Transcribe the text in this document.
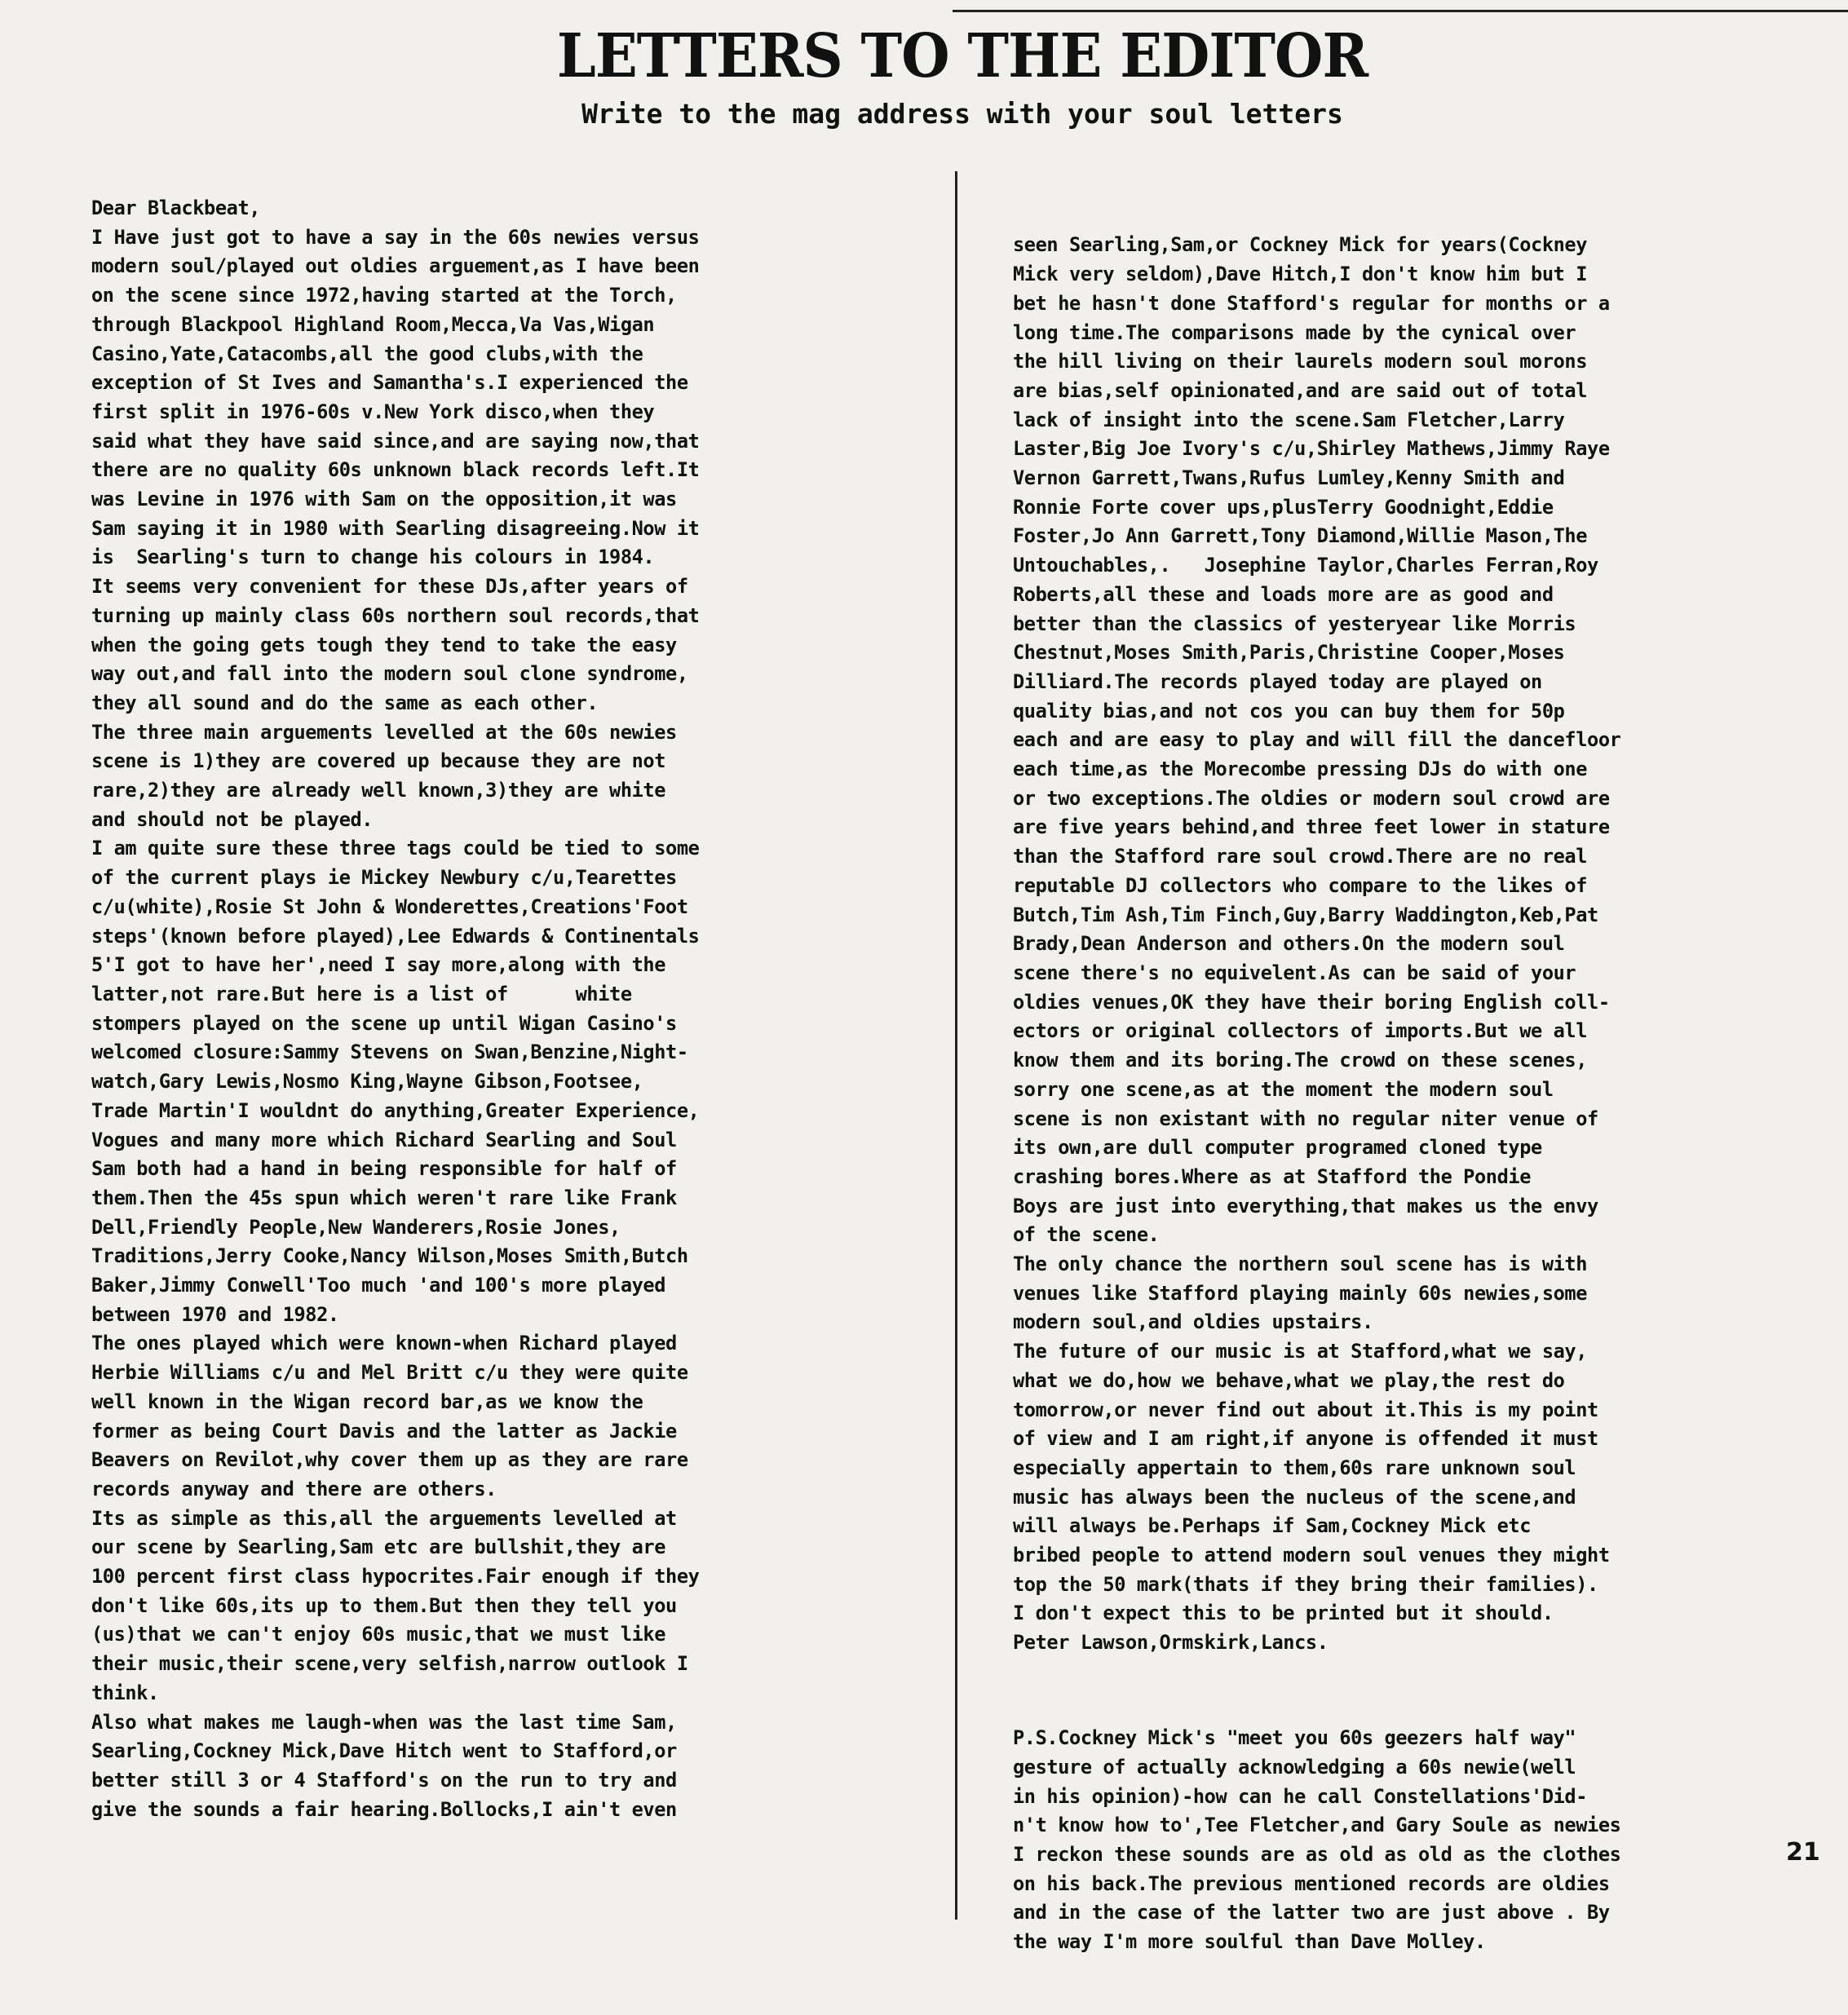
LETTERS TO THE EDITOR
Write to the mag address with your soul letters
Dear Blackbeat,
I Have just got to have a say in the 60s newies versus
modern soul/played out oldies arguement,as I have been
on the scene since 1972,having started at the Torch,
through Blackpool Highland Room,Mecca,Va Vas,Wigan
Casino,Yate,Catacombs,all the good clubs,with the
exception of St Ives and Samantha's.I experienced the
first split in 1976-60s v.New York disco,when they
said what they have said since,and are saying now,that
there are no quality 60s unknown black records left.It
was Levine in 1976 with Sam on the opposition,it was
Sam saying it in 1980 with Searling disagreeing.Now it
is  Searling's turn to change his colours in 1984.
It seems very convenient for these DJs,after years of
turning up mainly class 60s northern soul records,that
when the going gets tough they tend to take the easy
way out,and fall into the modern soul clone syndrome,
they all sound and do the same as each other.
The three main arguements levelled at the 60s newies
scene is 1)they are covered up because they are not
rare,2)they are already well known,3)they are white
and should not be played.
I am quite sure these three tags could be tied to some
of the current plays ie Mickey Newbury c/u,Tearettes
c/u(white),Rosie St John & Wonderettes,Creations'Foot
steps'(known before played),Lee Edwards & Continentals
5'I got to have her',need I say more,along with the
latter,not rare.But here is a list of      white
stompers played on the scene up until Wigan Casino's
welcomed closure:Sammy Stevens on Swan,Benzine,Night-
watch,Gary Lewis,Nosmo King,Wayne Gibson,Footsee,
Trade Martin'I wouldnt do anything,Greater Experience,
Vogues and many more which Richard Searling and Soul
Sam both had a hand in being responsible for half of
them.Then the 45s spun which weren't rare like Frank
Dell,Friendly People,New Wanderers,Rosie Jones,
Traditions,Jerry Cooke,Nancy Wilson,Moses Smith,Butch
Baker,Jimmy Conwell'Too much 'and 100's more played
between 1970 and 1982.
The ones played which were known-when Richard played
Herbie Williams c/u and Mel Britt c/u they were quite
well known in the Wigan record bar,as we know the
former as being Court Davis and the latter as Jackie
Beavers on Revilot,why cover them up as they are rare
records anyway and there are others.
Its as simple as this,all the arguements levelled at
our scene by Searling,Sam etc are bullshit,they are
100 percent first class hypocrites.Fair enough if they
don't like 60s,its up to them.But then they tell you
(us)that we can't enjoy 60s music,that we must like
their music,their scene,very selfish,narrow outlook I
think.
Also what makes me laugh-when was the last time Sam,
Searling,Cockney Mick,Dave Hitch went to Stafford,or
better still 3 or 4 Stafford's on the run to try and
give the sounds a fair hearing.Bollocks,I ain't even

seen Searling,Sam,or Cockney Mick for years(Cockney
Mick very seldom),Dave Hitch,I don't know him but I
bet he hasn't done Stafford's regular for months or a
long time.The comparisons made by the cynical over
the hill living on their laurels modern soul morons
are bias,self opinionated,and are said out of total
lack of insight into the scene.Sam Fletcher,Larry
Laster,Big Joe Ivory's c/u,Shirley Mathews,Jimmy Raye
Vernon Garrett,Twans,Rufus Lumley,Kenny Smith and
Ronnie Forte cover ups,plusTerry Goodnight,Eddie
Foster,Jo Ann Garrett,Tony Diamond,Willie Mason,The
Untouchables,.   Josephine Taylor,Charles Ferran,Roy
Roberts,all these and loads more are as good and
better than the classics of yesteryear like Morris
Chestnut,Moses Smith,Paris,Christine Cooper,Moses
Dilliard.The records played today are played on
quality bias,and not cos you can buy them for 50p
each and are easy to play and will fill the dancefloor
each time,as the Morecombe pressing DJs do with one
or two exceptions.The oldies or modern soul crowd are
are five years behind,and three feet lower in stature
than the Stafford rare soul crowd.There are no real
reputable DJ collectors who compare to the likes of
Butch,Tim Ash,Tim Finch,Guy,Barry Waddington,Keb,Pat
Brady,Dean Anderson and others.On the modern soul
scene there's no equivelent.As can be said of your
oldies venues,OK they have their boring English coll-
ectors or original collectors of imports.But we all
know them and its boring.The crowd on these scenes,
sorry one scene,as at the moment the modern soul
scene is non existant with no regular niter venue of
its own,are dull computer programed cloned type
crashing bores.Where as at Stafford the Pondie
Boys are just into everything,that makes us the envy
of the scene.
The only chance the northern soul scene has is with
venues like Stafford playing mainly 60s newies,some
modern soul,and oldies upstairs.
The future of our music is at Stafford,what we say,
what we do,how we behave,what we play,the rest do
tomorrow,or never find out about it.This is my point
of view and I am right,if anyone is offended it must
especially appertain to them,60s rare unknown soul
music has always been the nucleus of the scene,and
will always be.Perhaps if Sam,Cockney Mick etc
bribed people to attend modern soul venues they might
top the 50 mark(thats if they bring their families).
I don't expect this to be printed but it should.
Peter Lawson,Ormskirk,Lancs.

P.S.Cockney Mick's "meet you 60s geezers half way"
gesture of actually acknowledging a 60s newie(well
in his opinion)-how can he call Constellations'Did-
n't know how to',Tee Fletcher,and Gary Soule as newies
I reckon these sounds are as old as old as the clothes
on his back.The previous mentioned records are oldies
and in the case of the latter two are just above . By
the way I'm more soulful than Dave Molley.

21
